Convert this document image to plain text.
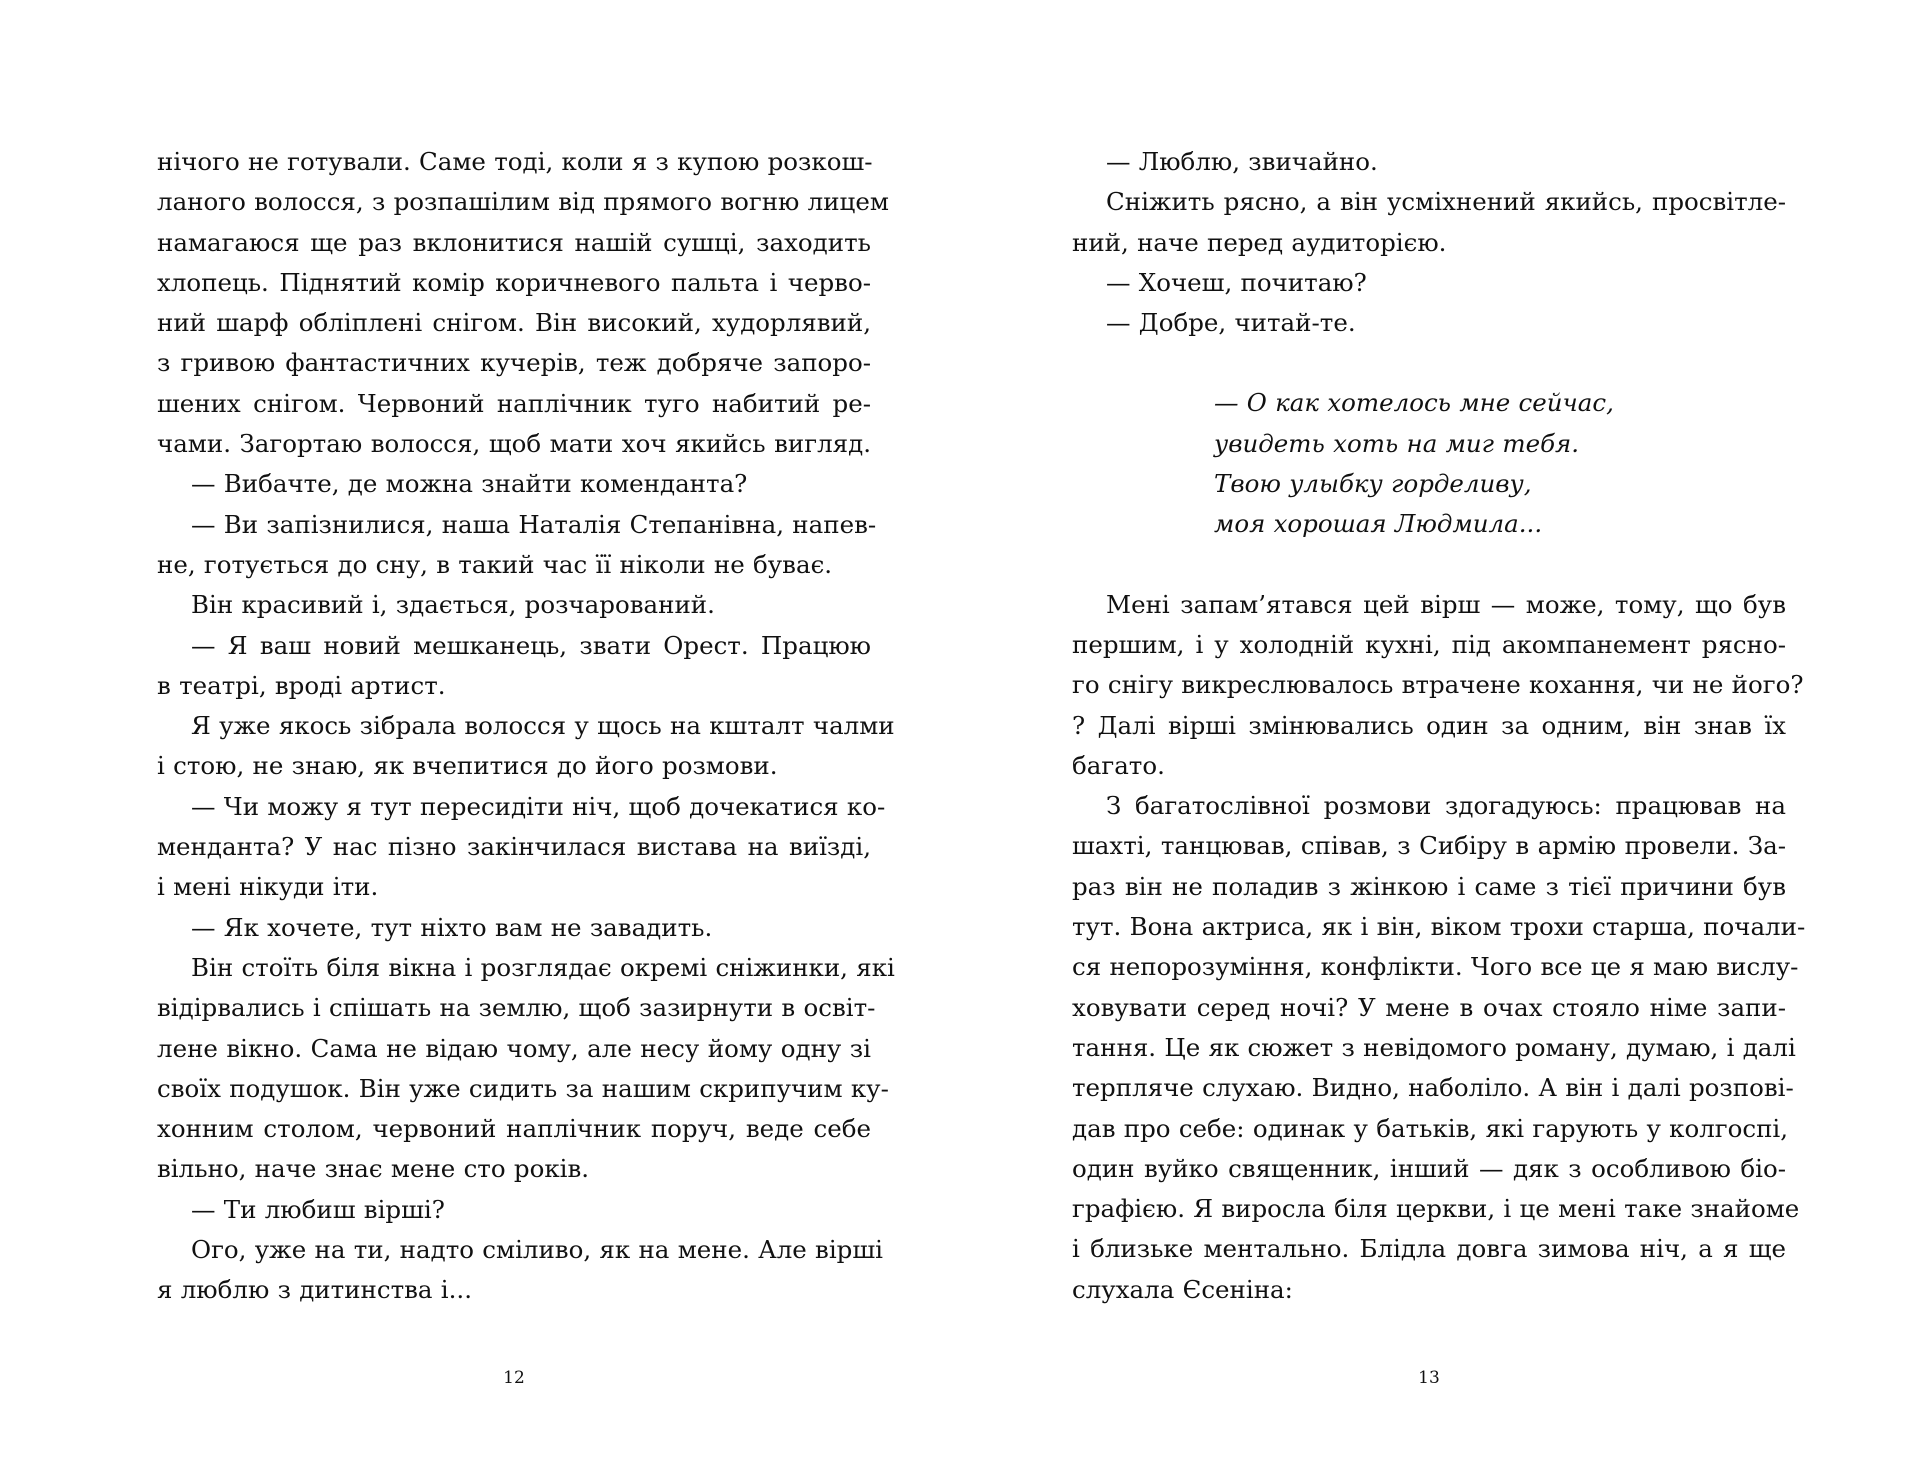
нічого не готували. Саме тоді, коли я з купою розкош-
ланого волосся, з розпашілим від прямого вогню лицем
намагаюся ще раз вклонитися нашій сушці, заходить
хлопець. Піднятий комір коричневого пальта і черво-
ний шарф обліплені снігом. Він високий, худорлявий,
з гривою фантастичних кучерів, теж добряче запоро-
шених снігом. Червоний наплічник туго набитий ре-
чами. Загортаю волосся, щоб мати хоч якийсь вигляд.
— Вибачте, де можна знайти коменданта?
— Ви запізнилися, наша Наталія Степанівна, напев-
не, готується до сну, в такий час її ніколи не буває.
Він красивий і, здається, розчарований.
— Я ваш новий мешканець, звати Орест. Працюю
в театрі, вроді артист.
Я уже якось зібрала волосся у щось на кшталт чалми
і стою, не знаю, як вчепитися до його розмови.
— Чи можу я тут пересидіти ніч, щоб дочекатися ко-
менданта? У нас пізно закінчилася вистава на виїзді,
і мені нікуди іти.
— Як хочете, тут ніхто вам не завадить.
Він стоїть біля вікна і розглядає окремі сніжинки, які
відірвались і спішать на землю, щоб зазирнути в освіт-
лене вікно. Сама не відаю чому, але несу йому одну зі
своїх подушок. Він уже сидить за нашим скрипучим ку-
хонним столом, червоний наплічник поруч, веде себе
вільно, наче знає мене сто років.
— Ти любиш вірші?
Ого, уже на ти, надто сміливо, як на мене. Але вірші
я люблю з дитинства і...
12
— Люблю, звичайно.
Сніжить рясно, а він усміхнений якийсь, просвітле-
ний, наче перед аудиторією.
— Хочеш, почитаю?
— Добре, читай-те.
— О как хотелось мне сейчас,
увидеть хоть на миг тебя.
Твою улыбку горделиву,
моя хорошая Людмила...
Мені запам’ятався цей вірш — може, тому, що був
першим, і у холодній кухні, під акомпанемент рясно-
го снігу викреслювалось втрачене кохання, чи не його?
? Далі вірші змінювались один за одним, він знав їх
багато.
З багатослівної розмови здогадуюсь: працював на
шахті, танцював, співав, з Сибіру в армію провели. За-
раз він не поладив з жінкою і саме з тієї причини був
тут. Вона актриса, як і він, віком трохи старша, почали-
ся непорозуміння, конфлікти. Чого все це я маю вислу-
ховувати серед ночі? У мене в очах стояло німе запи-
тання. Це як сюжет з невідомого роману, думаю, і далі
терпляче слухаю. Видно, наболіло. А він і далі розпові-
дав про себе: одинак у батьків, які гарують у колгоспі,
один вуйко священник, інший — дяк з особливою біо-
графією. Я виросла біля церкви, і це мені таке знайоме
і близьке ментально. Блідла довга зимова ніч, а я ще
слухала Єсеніна:
13
